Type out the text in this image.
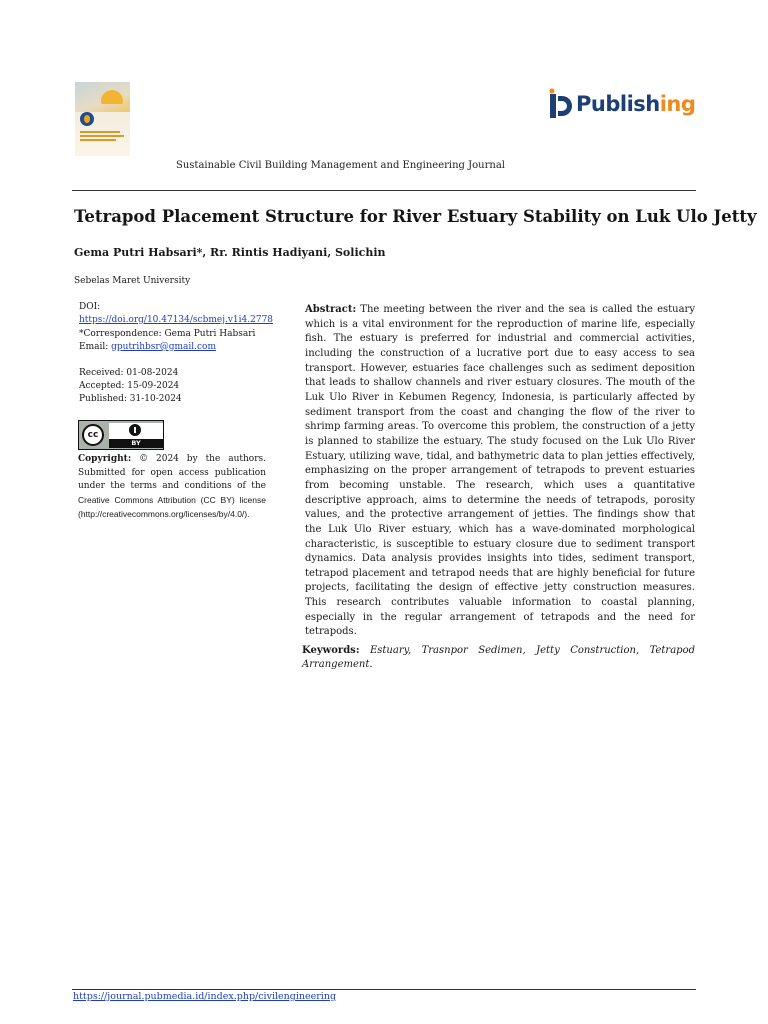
Publishing
Sustainable Civil Building Management and Engineering Journal
Tetrapod Placement Structure for River Estuary Stability on Luk Ulo Jetty
Gema Putri Habsari*, Rr. Rintis Hadiyani, Solichin
Sebelas Maret University
DOI:
https://doi.org/10.47134/scbmej.v1i4.2778
*Correspondence: Gema Putri Habsari
Email: gputrihbsr@gmail.com
Received: 01-08-2024
Accepted: 15-09-2024
Published: 31-10-2024
cc
BY
Copyright: © 2024 by the authors. Submitted for open access publication under the terms and conditions of the Creative Commons Attribution (CC BY) license (http://creativecommons.org/licenses/by/4.0/).
Abstract: The meeting between the river and the sea is called the estuary which is a vital environment for the reproduction of marine life, especially fish. The estuary is preferred for industrial and commercial activities, including the construction of a lucrative port due to easy access to sea transport. However, estuaries face challenges such as sediment deposition that leads to shallow channels and river estuary closures. The mouth of the Luk Ulo River in Kebumen Regency, Indonesia, is particularly affected by sediment transport from the coast and changing the flow of the river to shrimp farming areas. To overcome this problem, the construction of a jetty is planned to stabilize the estuary. The study focused on the Luk Ulo River Estuary, utilizing wave, tidal, and bathymetric data to plan jetties effectively, emphasizing on the proper arrangement of tetrapods to prevent estuaries from becoming unstable. The research, which uses a quantitative descriptive approach, aims to determine the needs of tetrapods, porosity values, and the protective arrangement of jetties. The findings show that the Luk Ulo River estuary, which has a wave-dominated morphological characteristic, is susceptible to estuary closure due to sediment transport dynamics. Data analysis provides insights into tides, sediment transport, tetrapod placement and tetrapod needs that are highly beneficial for future projects, facilitating the design of effective jetty construction measures. This research contributes valuable information to coastal planning, especially in the regular arrangement of tetrapods and the need for tetrapods.
Keywords: Estuary, Trasnpor Sedimen, Jetty Construction, Tetrapod Arrangement.
https://journal.pubmedia.id/index.php/civilengineering
